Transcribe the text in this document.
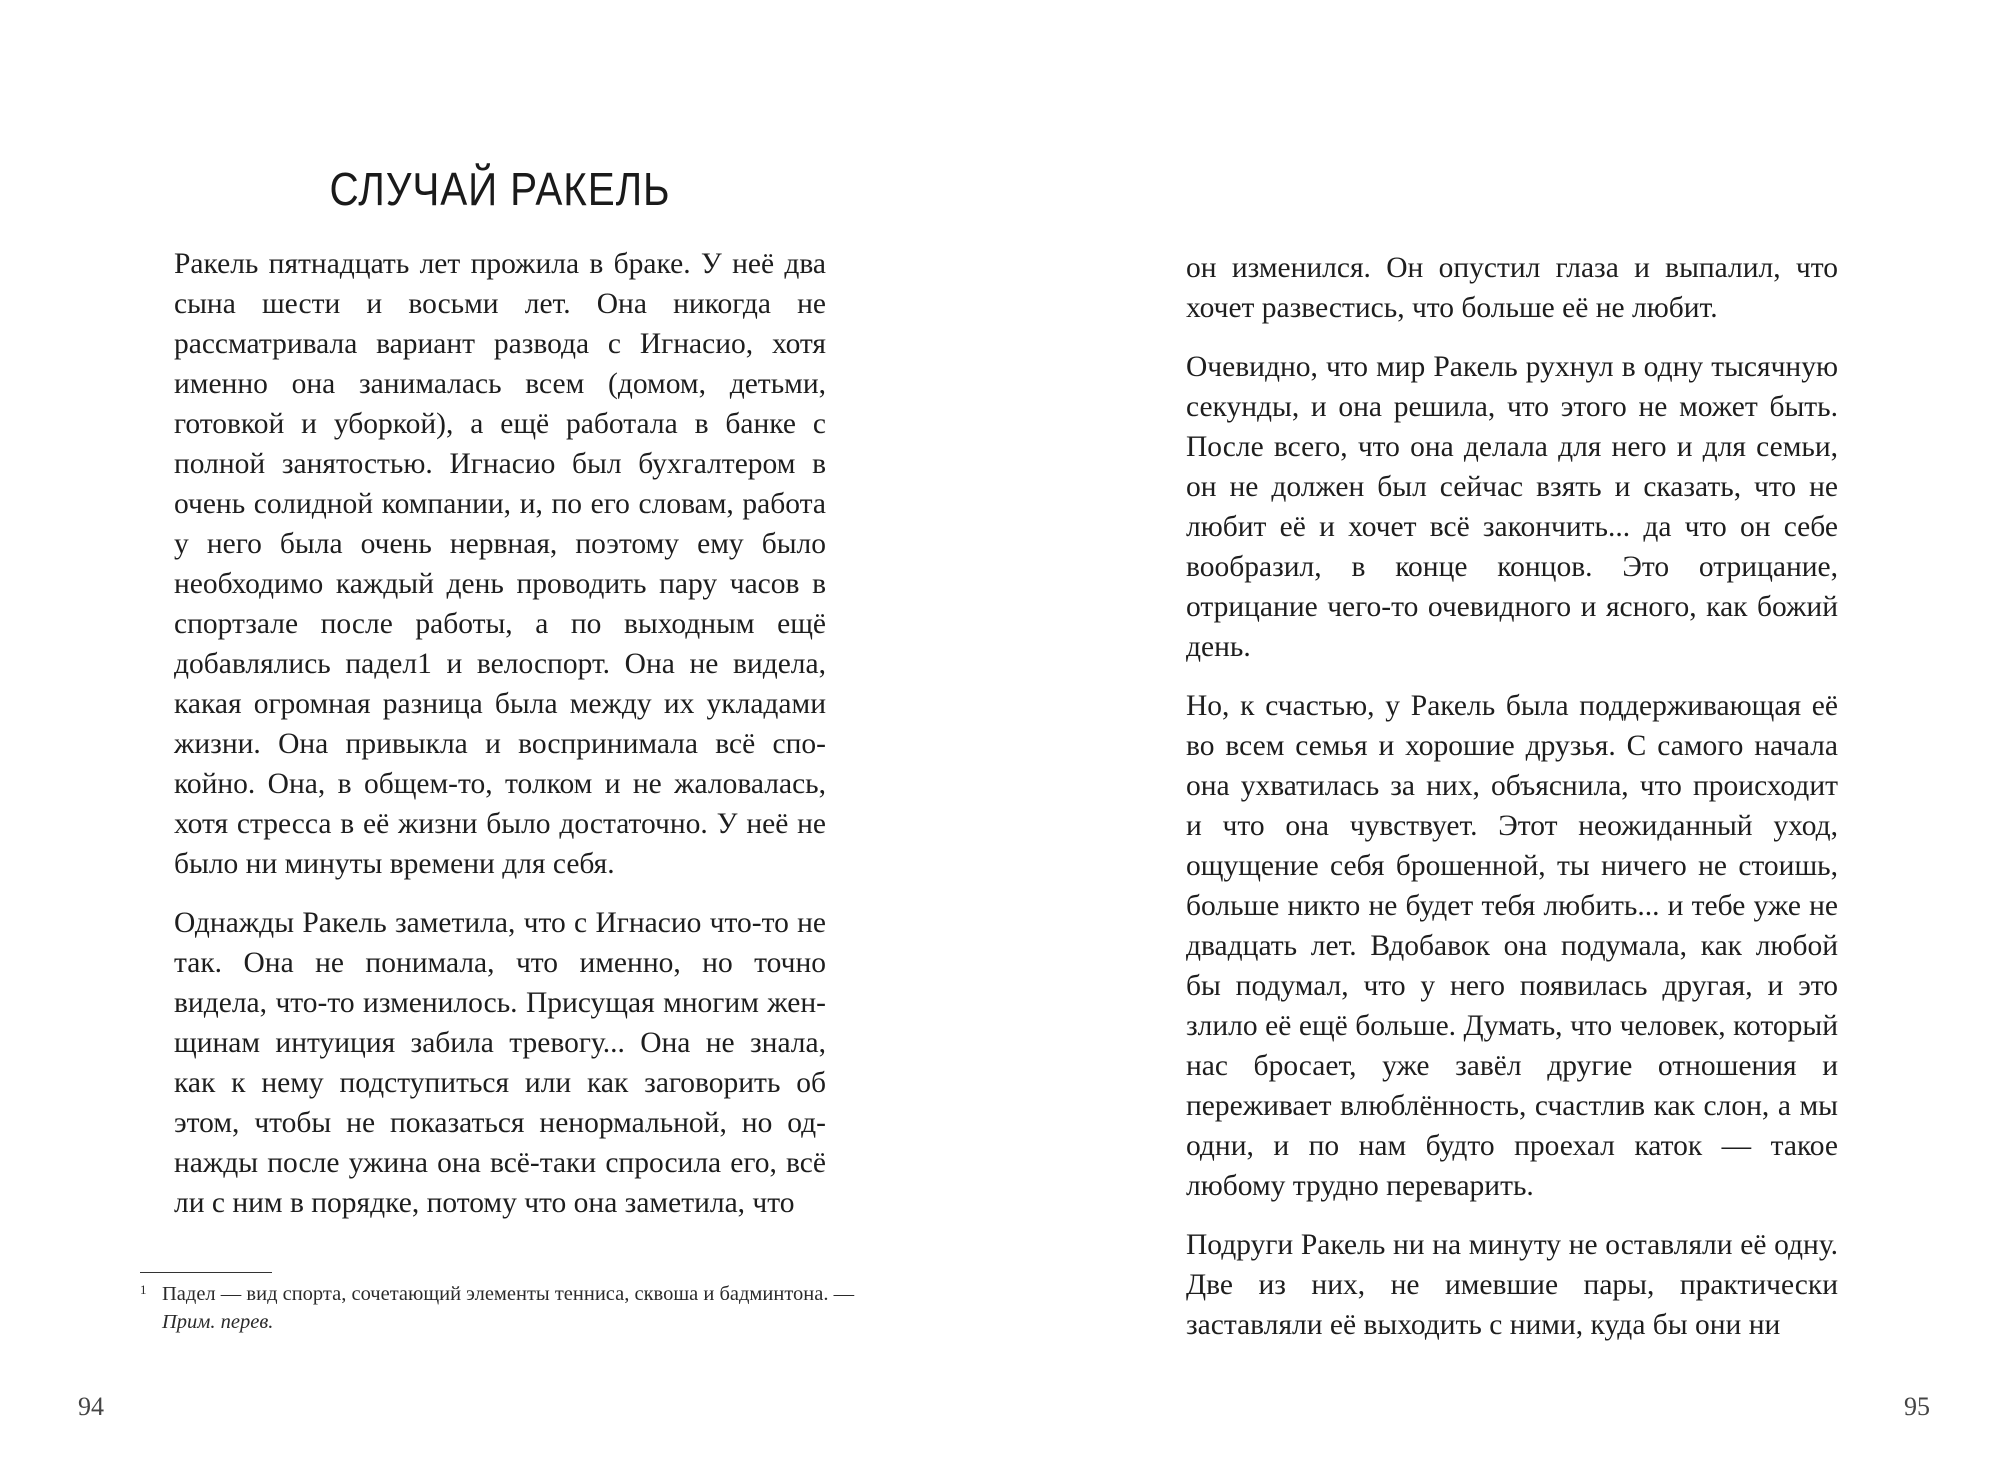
СЛУЧАЙ РАКЕЛЬ

Ракель пятнадцать лет прожила в браке. У неё два сына шести и восьми лет. Она никогда не рассматривала вариант развода с Игнасио, хотя именно она занималась всем (домом, детьми, готовкой и уборкой), а ещё работала в банке с полной занятостью. Игнасио был бухгалтером в очень солидной компании, и, по его словам, работа у него была очень нервная, поэтому ему было необходимо каждый день проводить пару часов в спортзале после работы, а по выходным ещё добавлялись падел1 и велоспорт. Она не видела, какая огромная разница была между их укладами жизни. Она привыкла и воспринимала всё спокойно. Она, в общем-то, толком и не жаловалась, хотя стресса в её жизни было достаточно. У неё не было ни минуты времени для себя.

Однажды Ракель заметила, что с Игнасио что-то не так. Она не понимала, что именно, но точно видела, что-то изменилось. Присущая многим женщинам интуиция забила тревогу... Она не знала, как к нему подступиться или как заговорить об этом, чтобы не показаться ненормальной, но однажды после ужина она всё-таки спросила его, всё ли с ним в порядке, потому что она заметила, что

1 Падел — вид спорта, сочетающий элементы тенниса, сквоша и бадминтона. — Прим. перев.

94

он изменился. Он опустил глаза и выпалил, что хочет развестись, что больше её не любит.

Очевидно, что мир Ракель рухнул в одну тысячную секунды, и она решила, что этого не может быть. После всего, что она делала для него и для семьи, он не должен был сейчас взять и сказать, что не любит её и хочет всё закончить... да что он себе вообразил, в конце концов. Это отрицание, отрицание чего-то очевидного и ясного, как божий день.

Но, к счастью, у Ракель была поддерживающая её во всем семья и хорошие друзья. С самого начала она ухватилась за них, объяснила, что происходит и что она чувствует. Этот неожиданный уход, ощущение себя брошенной, ты ничего не стоишь, больше никто не будет тебя любить... и тебе уже не двадцать лет. Вдобавок она подумала, как любой бы подумал, что у него появилась другая, и это злило её ещё больше. Думать, что человек, который нас бросает, уже завёл другие отношения и переживает влюблённость, счастлив как слон, а мы одни, и по нам будто проехал каток — такое любому трудно переварить.

Подруги Ракель ни на минуту не оставляли её одну. Две из них, не имевшие пары, практически заставляли её выходить с ними, куда бы они ни

95
